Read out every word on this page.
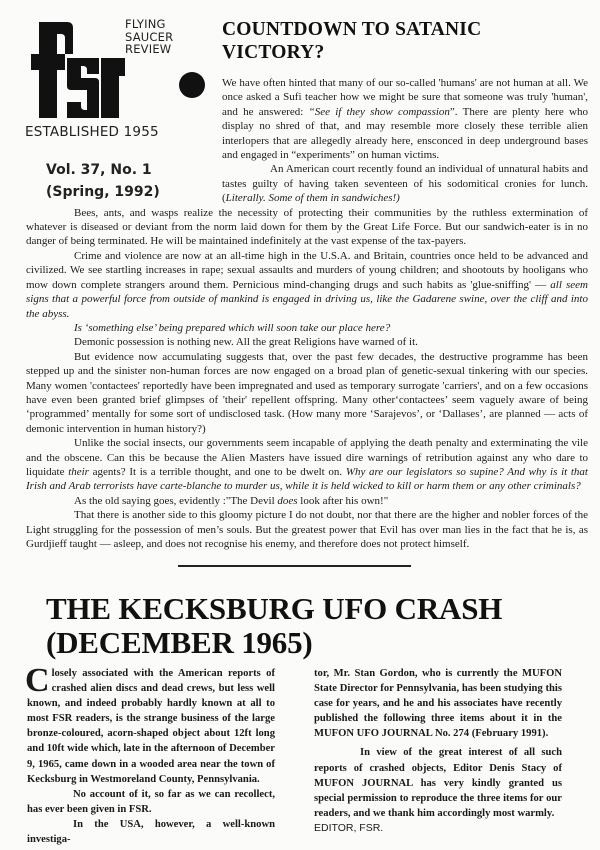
FLYING
SAUCER
REVIEW
ESTABLISHED 1955
Vol. 37, No. 1
(Spring, 1992)
COUNTDOWN TO SATANIC
VICTORY?

We have often hinted that many of our so-called 'humans' are not human at all. We once asked a Sufi teacher how we might be sure that someone was truly 'human', and he answered: “See if they show compassion”. There are plenty here who display no shred of that, and may resemble more closely these terrible alien interlopers that are allegedly already here, ensconced in deep underground bases and engaged in “experiments” on human victims.

An American court recently found an individual of unnatural habits and tastes guilty of having taken seventeen of his sodomitical cronies for lunch. (Literally. Some of them in sandwiches!)

Bees, ants, and wasps realize the necessity of protecting their communities by the ruthless extermination of whatever is diseased or deviant from the norm laid down for them by the Great Life Force. But our sandwich-eater is in no danger of being terminated. He will be maintained indefinitely at the vast expense of the tax-payers.

Crime and violence are now at an all-time high in the U.S.A. and Britain, countries once held to be advanced and civilized. We see startling increases in rape; sexual assaults and murders of young children; and shootouts by hooligans who mow down complete strangers around them. Pernicious mind-changing drugs and such habits as 'glue-sniffing' — all seem signs that a powerful force from outside of mankind is engaged in driving us, like the Gadarene swine, over the cliff and into the abyss.

Is ‘something else’ being prepared which will soon take our place here?

Demonic possession is nothing new. All the great Religions have warned of it.

But evidence now accumulating suggests that, over the past few decades, the destructive programme has been stepped up and the sinister non-human forces are now engaged on a broad plan of genetic-sexual tinkering with our species. Many women 'contactees' reportedly have been impregnated and used as temporary surrogate 'carriers', and on a few occasions have even been granted brief glimpses of 'their' repellent offspring. Many other‘contactees’ seem vaguely aware of being ‘programmed’ mentally for some sort of undisclosed task. (How many more ‘Sarajevos’, or ‘Dallases’, are planned — acts of demonic intervention in human history?)

Unlike the social insects, our governments seem incapable of applying the death penalty and exterminating the vile and the obscene. Can this be because the Alien Masters have issued dire warnings of retribution against any who dare to liquidate their agents? It is a terrible thought, and one to be dwelt on. Why are our legislators so supine? And why is it that Irish and Arab terrorists have carte-blanche to murder us, while it is held wicked to kill or harm them or any other criminals?

As the old saying goes, evidently :"The Devil does look after his own!"

That there is another side to this gloomy picture I do not doubt, nor that there are the higher and nobler forces of the Light struggling for the possession of men’s souls. But the greatest power that Evil has over man lies in the fact that he is, as Gurdjieff taught — asleep, and does not recognise his enemy, and therefore does not protect himself.

THE KECKSBURG UFO CRASH
(DECEMBER 1965)

Closely associated with the American reports of crashed alien discs and dead crews, but less well known, and indeed probably hardly known at all to most FSR readers, is the strange business of the large bronze-coloured, acorn-shaped object about 12ft long and 10ft wide which, late in the afternoon of December 9, 1965, came down in a wooded area near the town of Kecksburg in Westmoreland County, Pennsylvania.

No account of it, so far as we can recollect, has ever been given in FSR.

In the USA, however, a well-known investiga-

tor, Mr. Stan Gordon, who is currently the MUFON State Director for Pennsylvania, has been studying this case for years, and he and his associates have recently published the following three items about it in the MUFON UFO JOURNAL No. 274 (February 1991).

In view of the great interest of all such reports of crashed objects, Editor Denis Stacy of MUFON JOURNAL has very kindly granted us special permission to reproduce the three items for our readers, and we thank him accordingly most warmly.

EDITOR, FSR.
